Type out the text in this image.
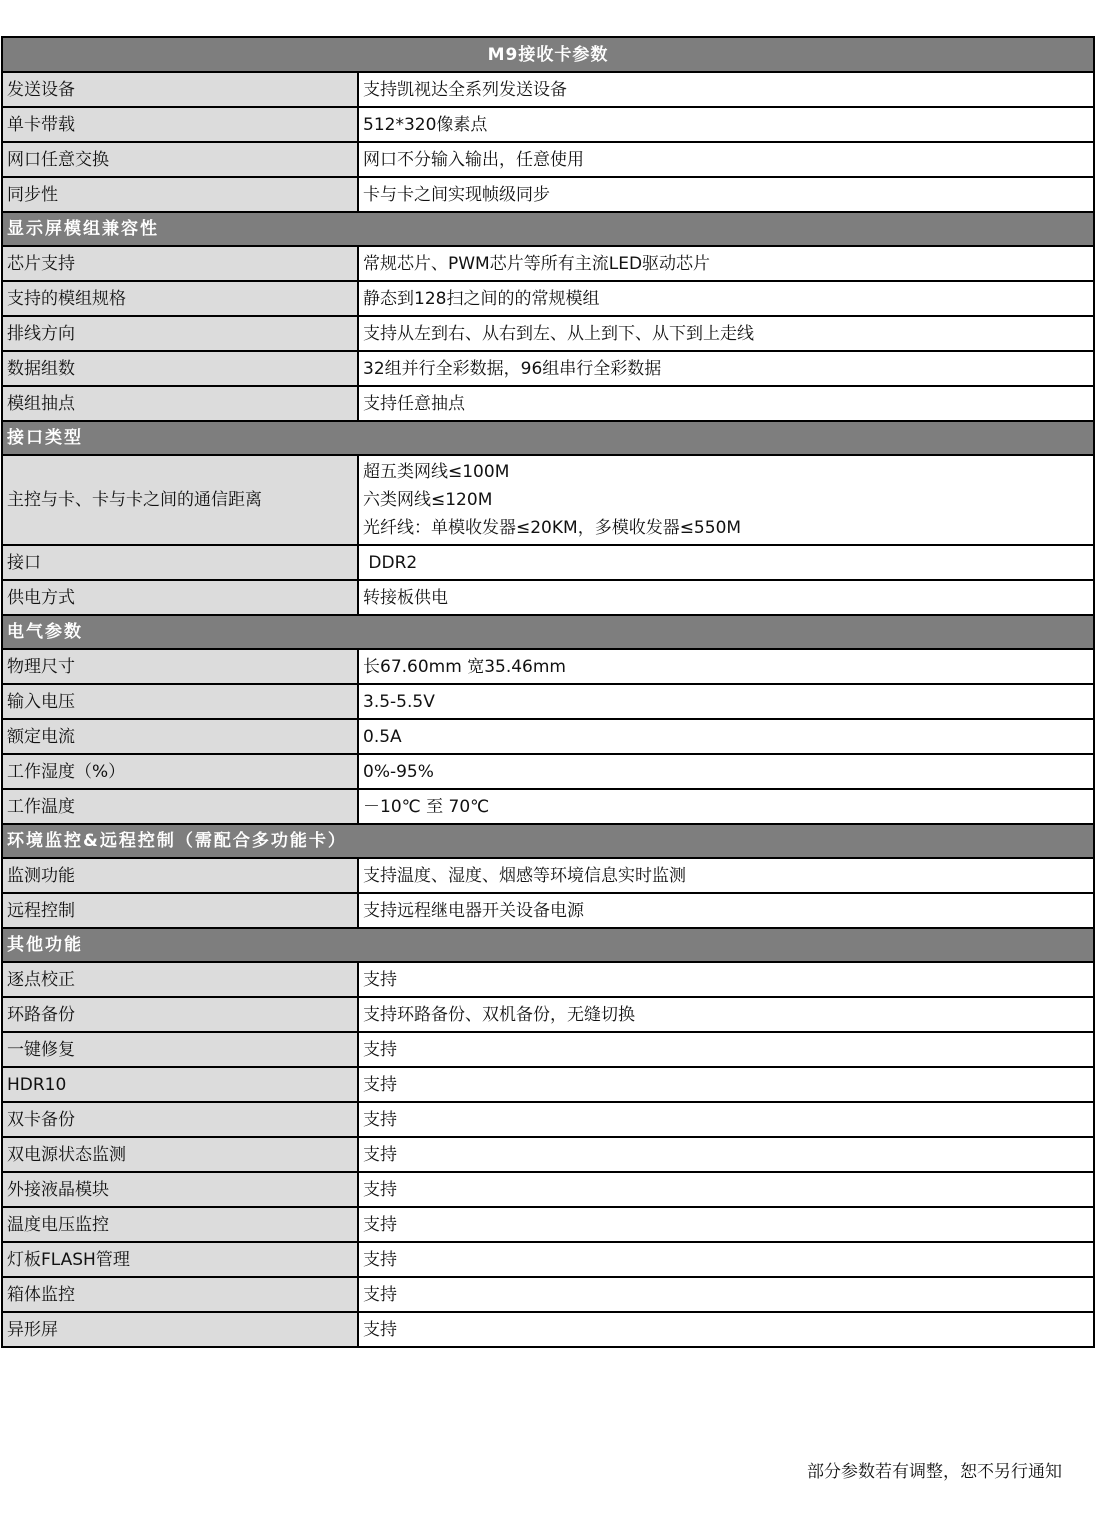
M9接收卡参数	
发送设备	支持凯视达全系列发送设备
单卡带载	512*320像素点
网口任意交换	网口不分输入输出，任意使用
同步性	卡与卡之间实现帧级同步
显示屏模组兼容性	
芯片支持	常规芯片、PWM芯片等所有主流LED驱动芯片
支持的模组规格	静态到128扫之间的的常规模组
排线方向	支持从左到右、从右到左、从上到下、从下到上走线
数据组数	32组并行全彩数据，96组串行全彩数据
模组抽点	支持任意抽点
接口类型	
主控与卡、卡与卡之间的通信距离	超五类网线≤100M
六类网线≤120M
光纤线：单模收发器≤20KM，多模收发器≤550M

接口	DDR2
供电方式	转接板供电
电气参数	
物理尺寸	长67.60mm 宽35.46mm
输入电压	3.5-5.5V
额定电流	0.5A
工作湿度（%）	0%-95%
工作温度	－10℃ 至 70℃
环境监控&远程控制（需配合多功能卡）	
监测功能	支持温度、湿度、烟感等环境信息实时监测
远程控制	支持远程继电器开关设备电源
其他功能	
逐点校正	支持
环路备份	支持环路备份、双机备份，无缝切换
一键修复	支持
HDR10	支持
双卡备份	支持
双电源状态监测	支持
外接液晶模块	支持
温度电压监控	支持
灯板FLASH管理	支持
箱体监控	支持
异形屏	支持
部分参数若有调整，恕不另行通知
